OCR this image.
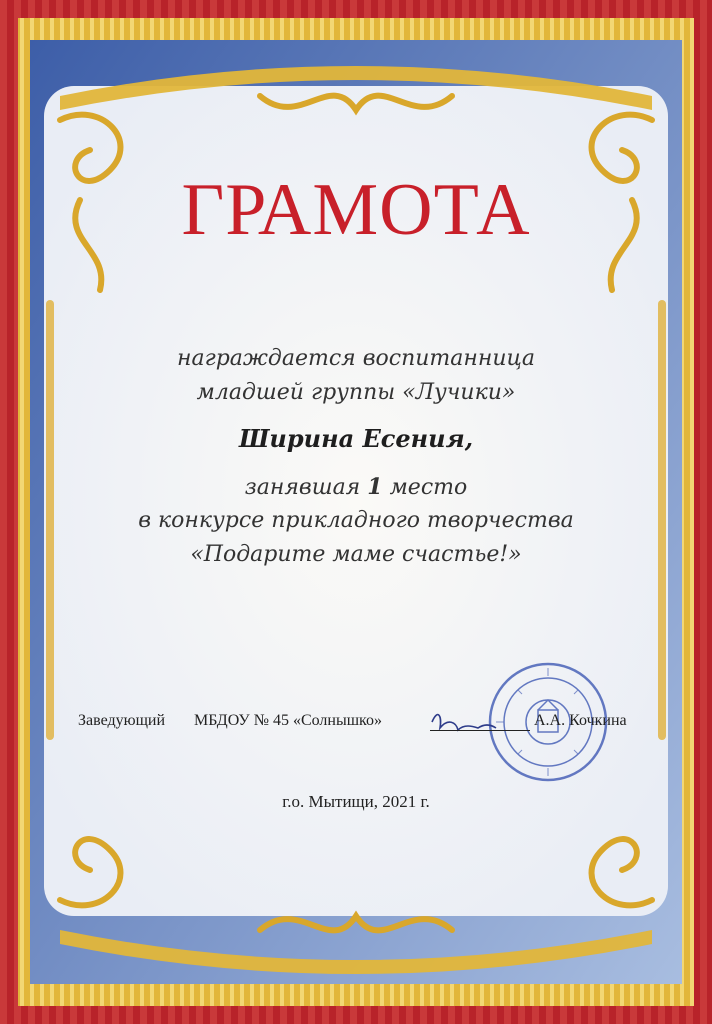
ГРАМОТА
награждается воспитанница
младшей группы «Лучики»
Ширина Есения,
занявшая 1 место
в конкурсе прикладного творчества
«Подарите маме счастье!»
Заведующий МБДОУ № 45 «Солнышко»	А.А. Кочкина
г.о. Мытищи, 2021 г.
